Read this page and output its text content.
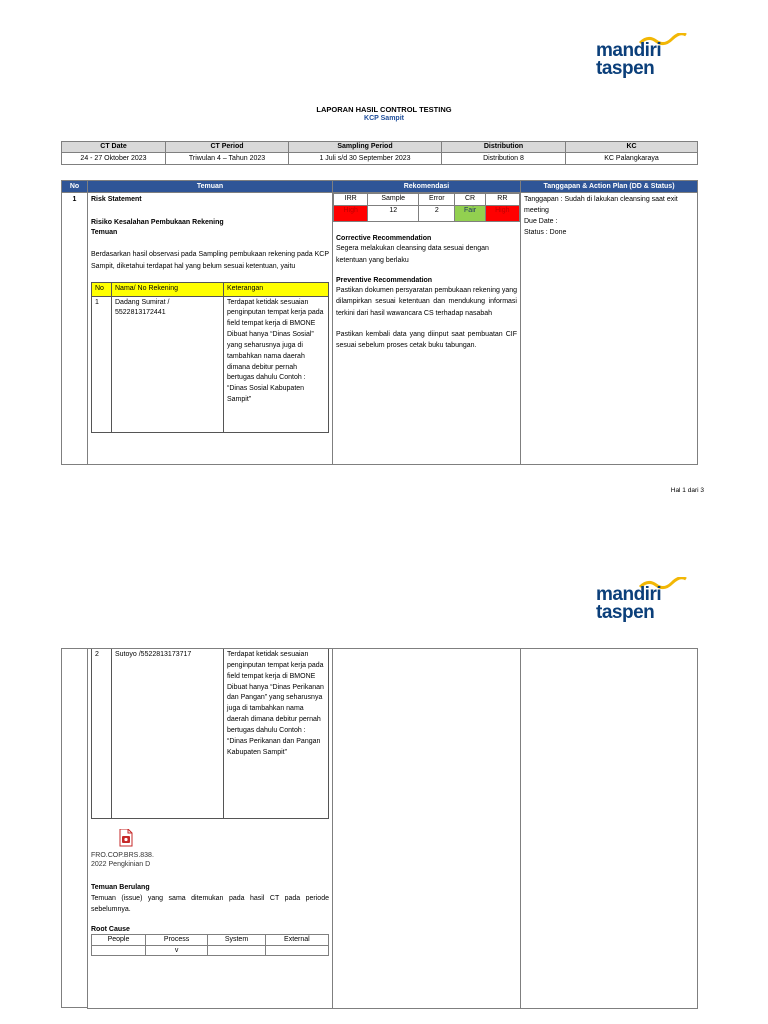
mandiri
taspen
LAPORAN HASIL CONTROL TESTING
KCP Sampit
CT Date	CT Period	Sampling Period	Distribution	KC
24 - 27 Oktober 2023	Triwulan 4 – Tahun 2023	1 Juli s/d 30 September 2023	Distribution 8	KC Palangkaraya
No	Temuan	Rekomendasi	Tanggapan & Action Plan (DD & Status)
1	Risk Statement
Risiko Kesalahan Pembukaan Rekening
Temuan
Berdasarkan hasil observasi pada Sampling pembukaan rekening pada KCP Sampit, diketahui terdapat hal yang belum sesuai ketentuan, yaitu
No	Nama/ No Rekening	Keterangan
1	Dadang Sumirat / 5522813172441	Terdapat ketidak sesuaian penginputan tempat kerja pada field tempat kerja di BMONE Dibuat hanya “Dinas Sosial” yang seharusnya juga di tambahkan nama daerah dimana debitur pernah bertugas dahulu Contoh : “Dinas Sosial Kabupaten Sampit”

IRR	Sample	Error	CR	RR
High	12	2	Fair	High
Corrective Recommendation
Segera melakukan cleansing data sesuai dengan ketentuan yang berlaku
Preventive Recommendation
Pastikan dokumen persyaratan pembukaan rekening yang dilampirkan sesuai ketentuan dan mendukung informasi terkini dari hasil wawancara CS terhadap nasabah
Pastikan kembali data yang diinput saat pembuatan CIF sesuai sebelum proses cetak buku tabungan.

Tanggapan : Sudah di lakukan cleansing saat exit meeting
Due Date :
Status : Done
Hal 1 dari 3
mandiri
taspen
2	Sutoyo /5522813173717	Terdapat ketidak sesuaian penginputan tempat kerja pada field tempat kerja di BMONE Dibuat hanya “Dinas Perikanan dan Pangan” yang seharusnya juga di tambahkan nama daerah dimana debitur pernah bertugas dahulu Contoh : “Dinas Perikanan dan Pangan Kabupaten Sampit”
FRO.COP.BRS.838.
2022 Pengkinian D
Temuan Berulang
Temuan (issue) yang sama ditemukan pada hasil CT pada periode sebelumnya.
Root Cause
People	Process	System	External
	v		
